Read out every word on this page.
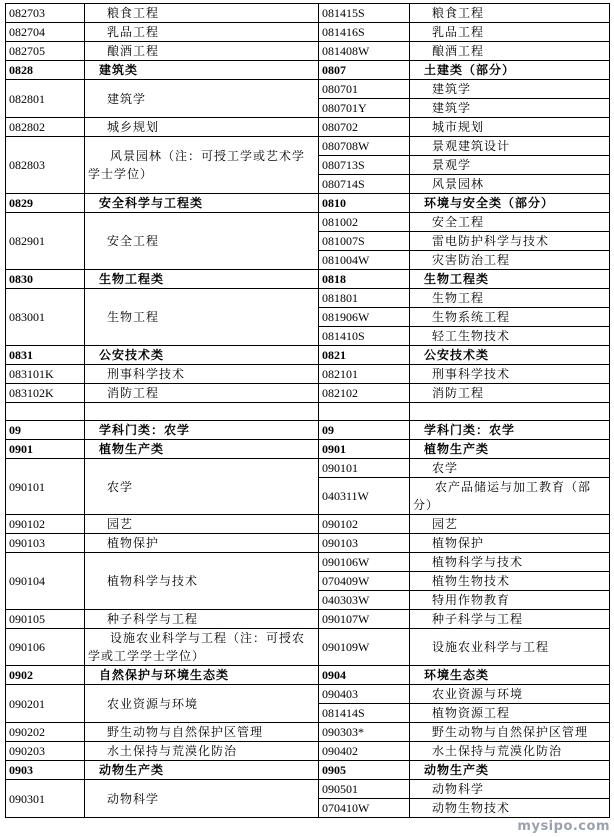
082703	粮食工程	081415S	粮食工程
082704	乳品工程	081416S	乳品工程
082705	酿酒工程	081408W	酿酒工程
0828	建筑类	0807	土建类（部分）
082801	建筑学	080701	建筑学
		080701Y	建筑学
082802	城乡规划	080702	城市规划
082803	风景园林（注：可授工学或艺术学学士学位）	080708W	景观建筑设计
		080713S	景观学
		080714S	风景园林
0829	安全科学与工程类	0810	环境与安全类（部分）
082901	安全工程	081002	安全工程
		081007S	雷电防护科学与技术
		081004W	灾害防治工程
0830	生物工程类	0818	生物工程类
083001	生物工程	081801	生物工程
		081906W	生物系统工程
		081410S	轻工生物技术
0831	公安技术类	0821	公安技术类
083101K	刑事科学技术	082101	刑事科学技术
083102K	消防工程	082102	消防工程

09	学科门类：农学	09	学科门类：农学
0901	植物生产类	0901	植物生产类
090101	农学	090101	农学
		040311W	农产品储运与加工教育（部分）
090102	园艺	090102	园艺
090103	植物保护	090103	植物保护
090104	植物科学与技术	090106W	植物科学与技术
		070409W	植物生物技术
		040303W	特用作物教育
090105	种子科学与工程	090107W	种子科学与工程
090106	设施农业科学与工程（注：可授农学或工学学士学位）	090109W	设施农业科学与工程
0902	自然保护与环境生态类	0904	环境生态类
090201	农业资源与环境	090403	农业资源与环境
		081414S	植物资源工程
090202	野生动物与自然保护区管理	090303*	野生动物与自然保护区管理
090203	水土保持与荒漠化防治	090402	水土保持与荒漠化防治
0903	动物生产类	0905	动物生产类
090301	动物科学	090501	动物科学
		070410W	动物生物技术
mysipo.com
